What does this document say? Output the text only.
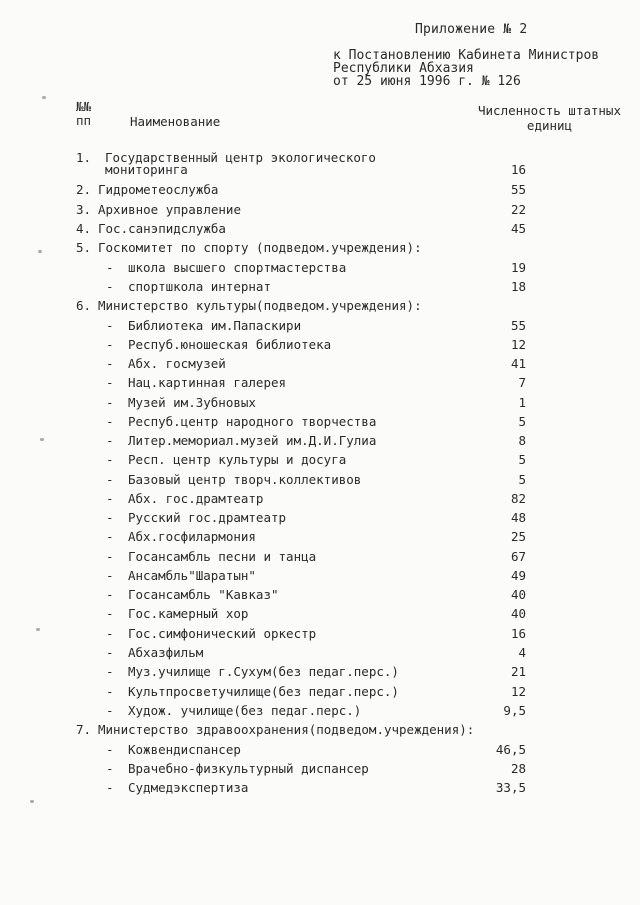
Приложение № 2
к Постановлению Кабинета Министров
Республики Абхазия
от 25 июня 1996 г. № 126
№№
пп	Наименование
Численность штатных
единиц
1. Государственный центр экологического
мониторинга	16
2. Гидрометеослужба	55
3. Архивное управление	22
4. Гос.санэпидслужба	45
5. Госкомитет по спорту (подведом.учреждения):
- школа высшего спортмастерства	19
- спортшкола интернат	18
6. Министерство культуры(подведом.учреждения):
- Библиотека им.Папаскири	55
- Респуб.юношеская библиотека	12
- Абх. госмузей	41
- Нац.картинная галерея	7
- Музей им.Зубновых	1
- Респуб.центр народного творчества	5
- Литер.мемориал.музей им.Д.И.Гулиа	8
- Респ. центр культуры и досуга	5
- Базовый центр творч.коллективов	5
- Абх. гос.драмтеатр	82
- Русский гос.драмтеатр	48
- Абх.госфилармония	25
- Госансамбль песни и танца	67
- Ансамбль"Шаратын"	49
- Госансамбль "Кавказ"	40
- Гос.камерный хор	40
- Гос.симфонический оркестр	16
- Абхазфильм	4
- Муз.училище г.Сухум(без педаг.перс.)	21
- Культпросветучилище(без педаг.перс.)	12
- Худож. училище(без педаг.перс.)	9,5
7. Министерство здравоохранения(подведом.учреждения):
- Кожвендиспансер	46,5
- Врачебно-физкультурный диспансер	28
- Судмедэкспертиза	33,5
